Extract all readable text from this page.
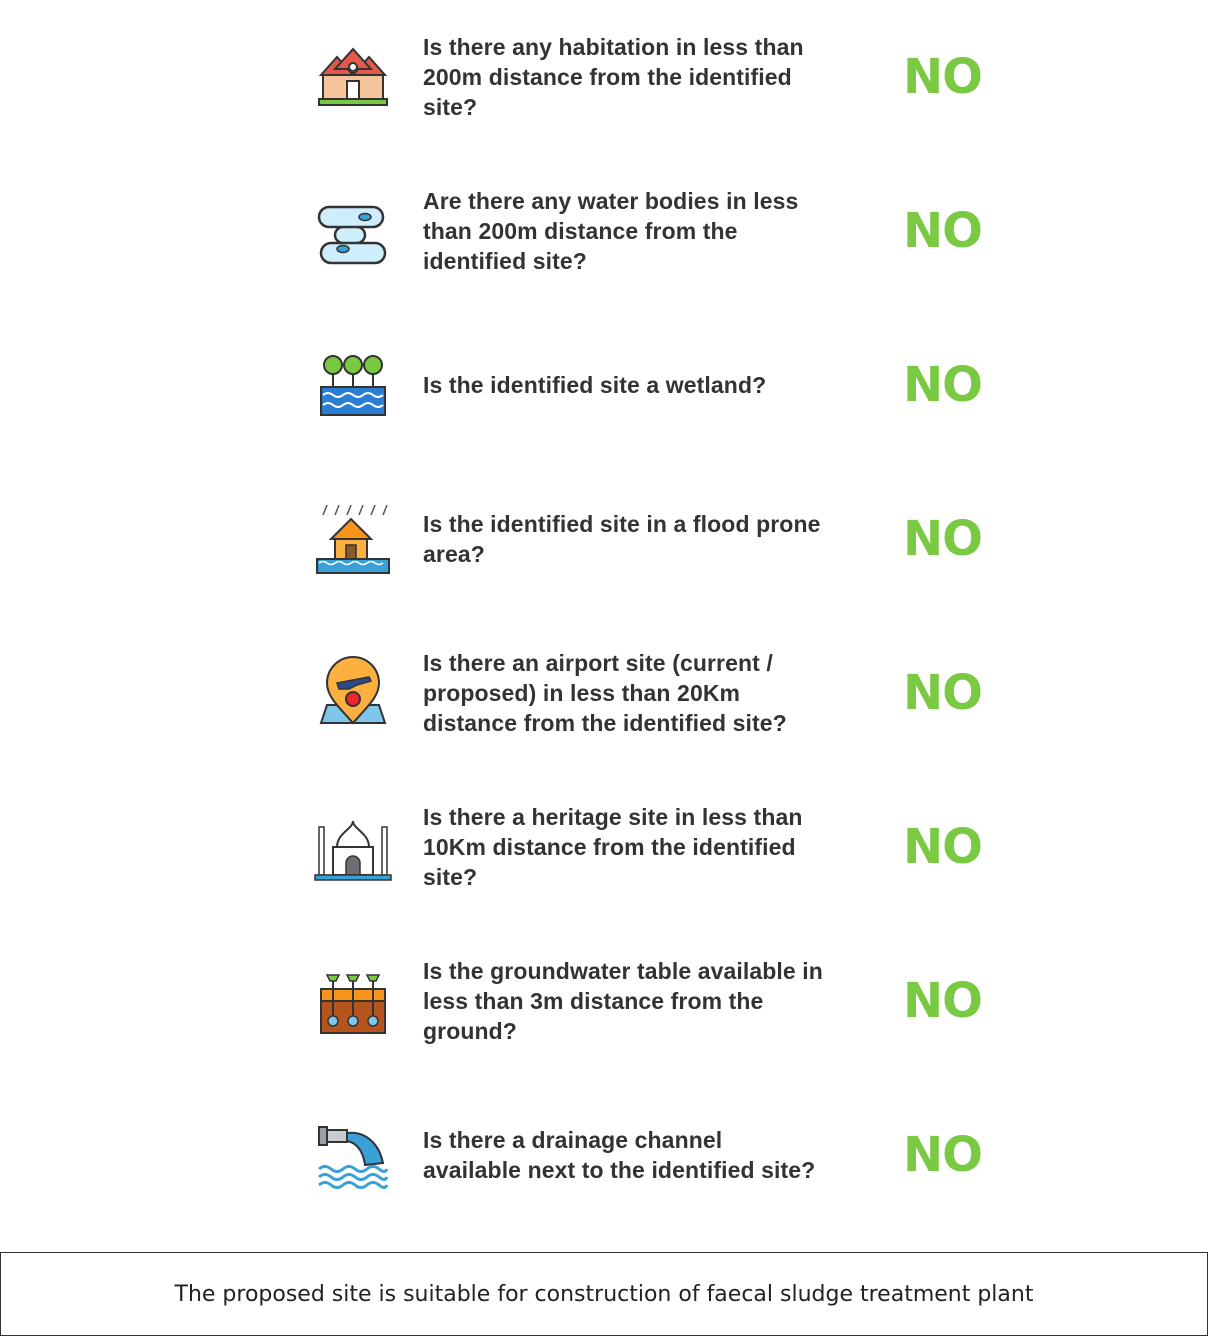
Is there any habitation in less than 200m distance from the identified site?
NO
Are there any water bodies in less than 200m distance from the identified site?
NO
Is the identified site a wetland?	NO
Is the identified site in a flood prone area?	NO
Is there an airport site (current / proposed) in less than 20Km distance from the identified site?
NO
Is there a heritage site in less than 10Km distance from the identified site?
NO
Is the groundwater table available in less than 3m distance from the ground?
NO
Is there a drainage channel available next to the identified site? NO
The proposed site is suitable for construction of faecal sludge treatment plant
